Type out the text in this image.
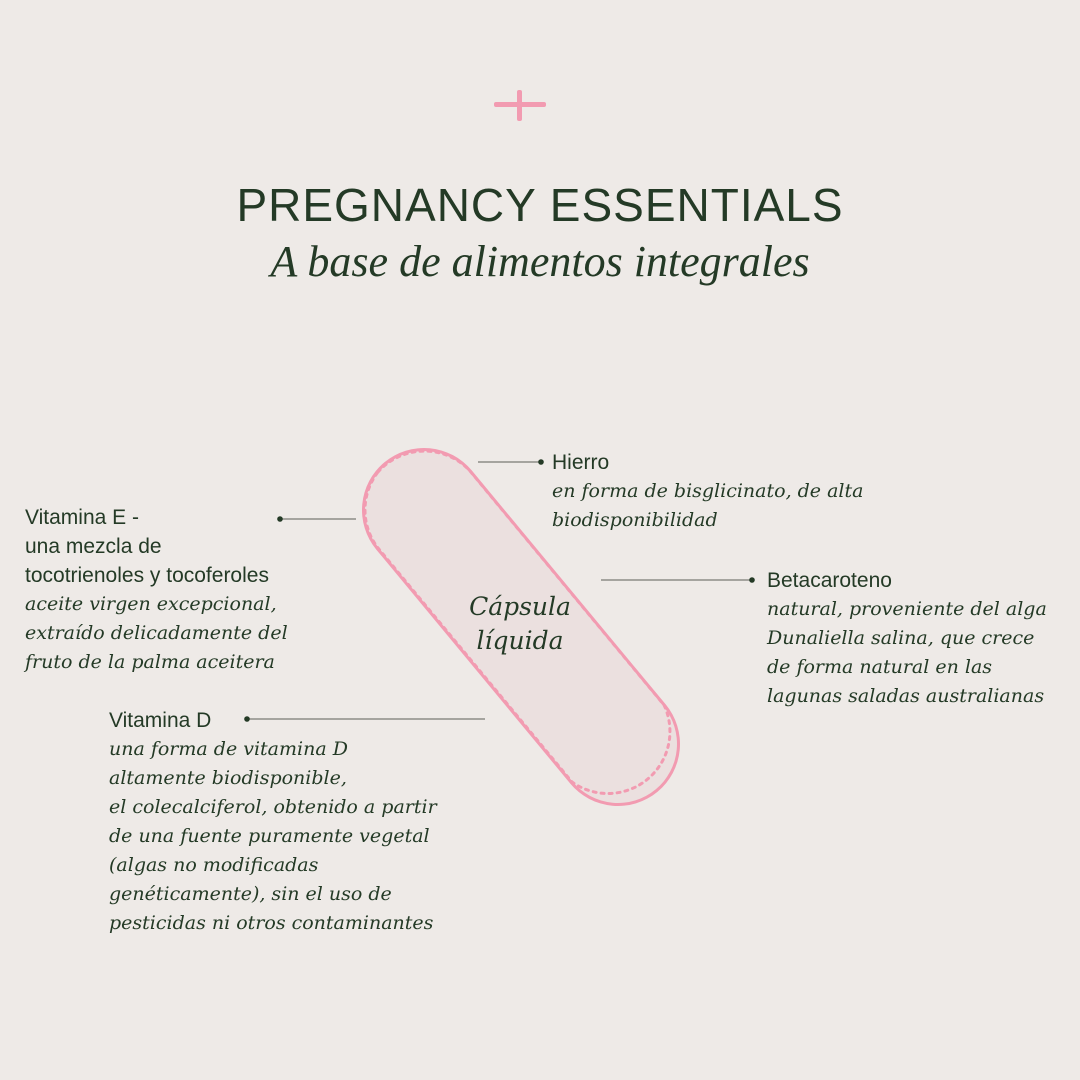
PREGNANCY ESSENTIALS
A base de alimentos integrales
Cápsula
líquida
Hierro
en forma de bisglicinato, de alta
biodisponibilidad
Vitamina E -
una mezcla de
tocotrienoles y tocoferoles
aceite virgen excepcional,
extraído delicadamente del
fruto de la palma aceitera
Betacaroteno
natural, proveniente del alga
Dunaliella salina, que crece
de forma natural en las
lagunas saladas australianas
Vitamina D
una forma de vitamina D
altamente biodisponible,
el colecalciferol, obtenido a partir
de una fuente puramente vegetal
(algas no modificadas
genéticamente), sin el uso de
pesticidas ni otros contaminantes
